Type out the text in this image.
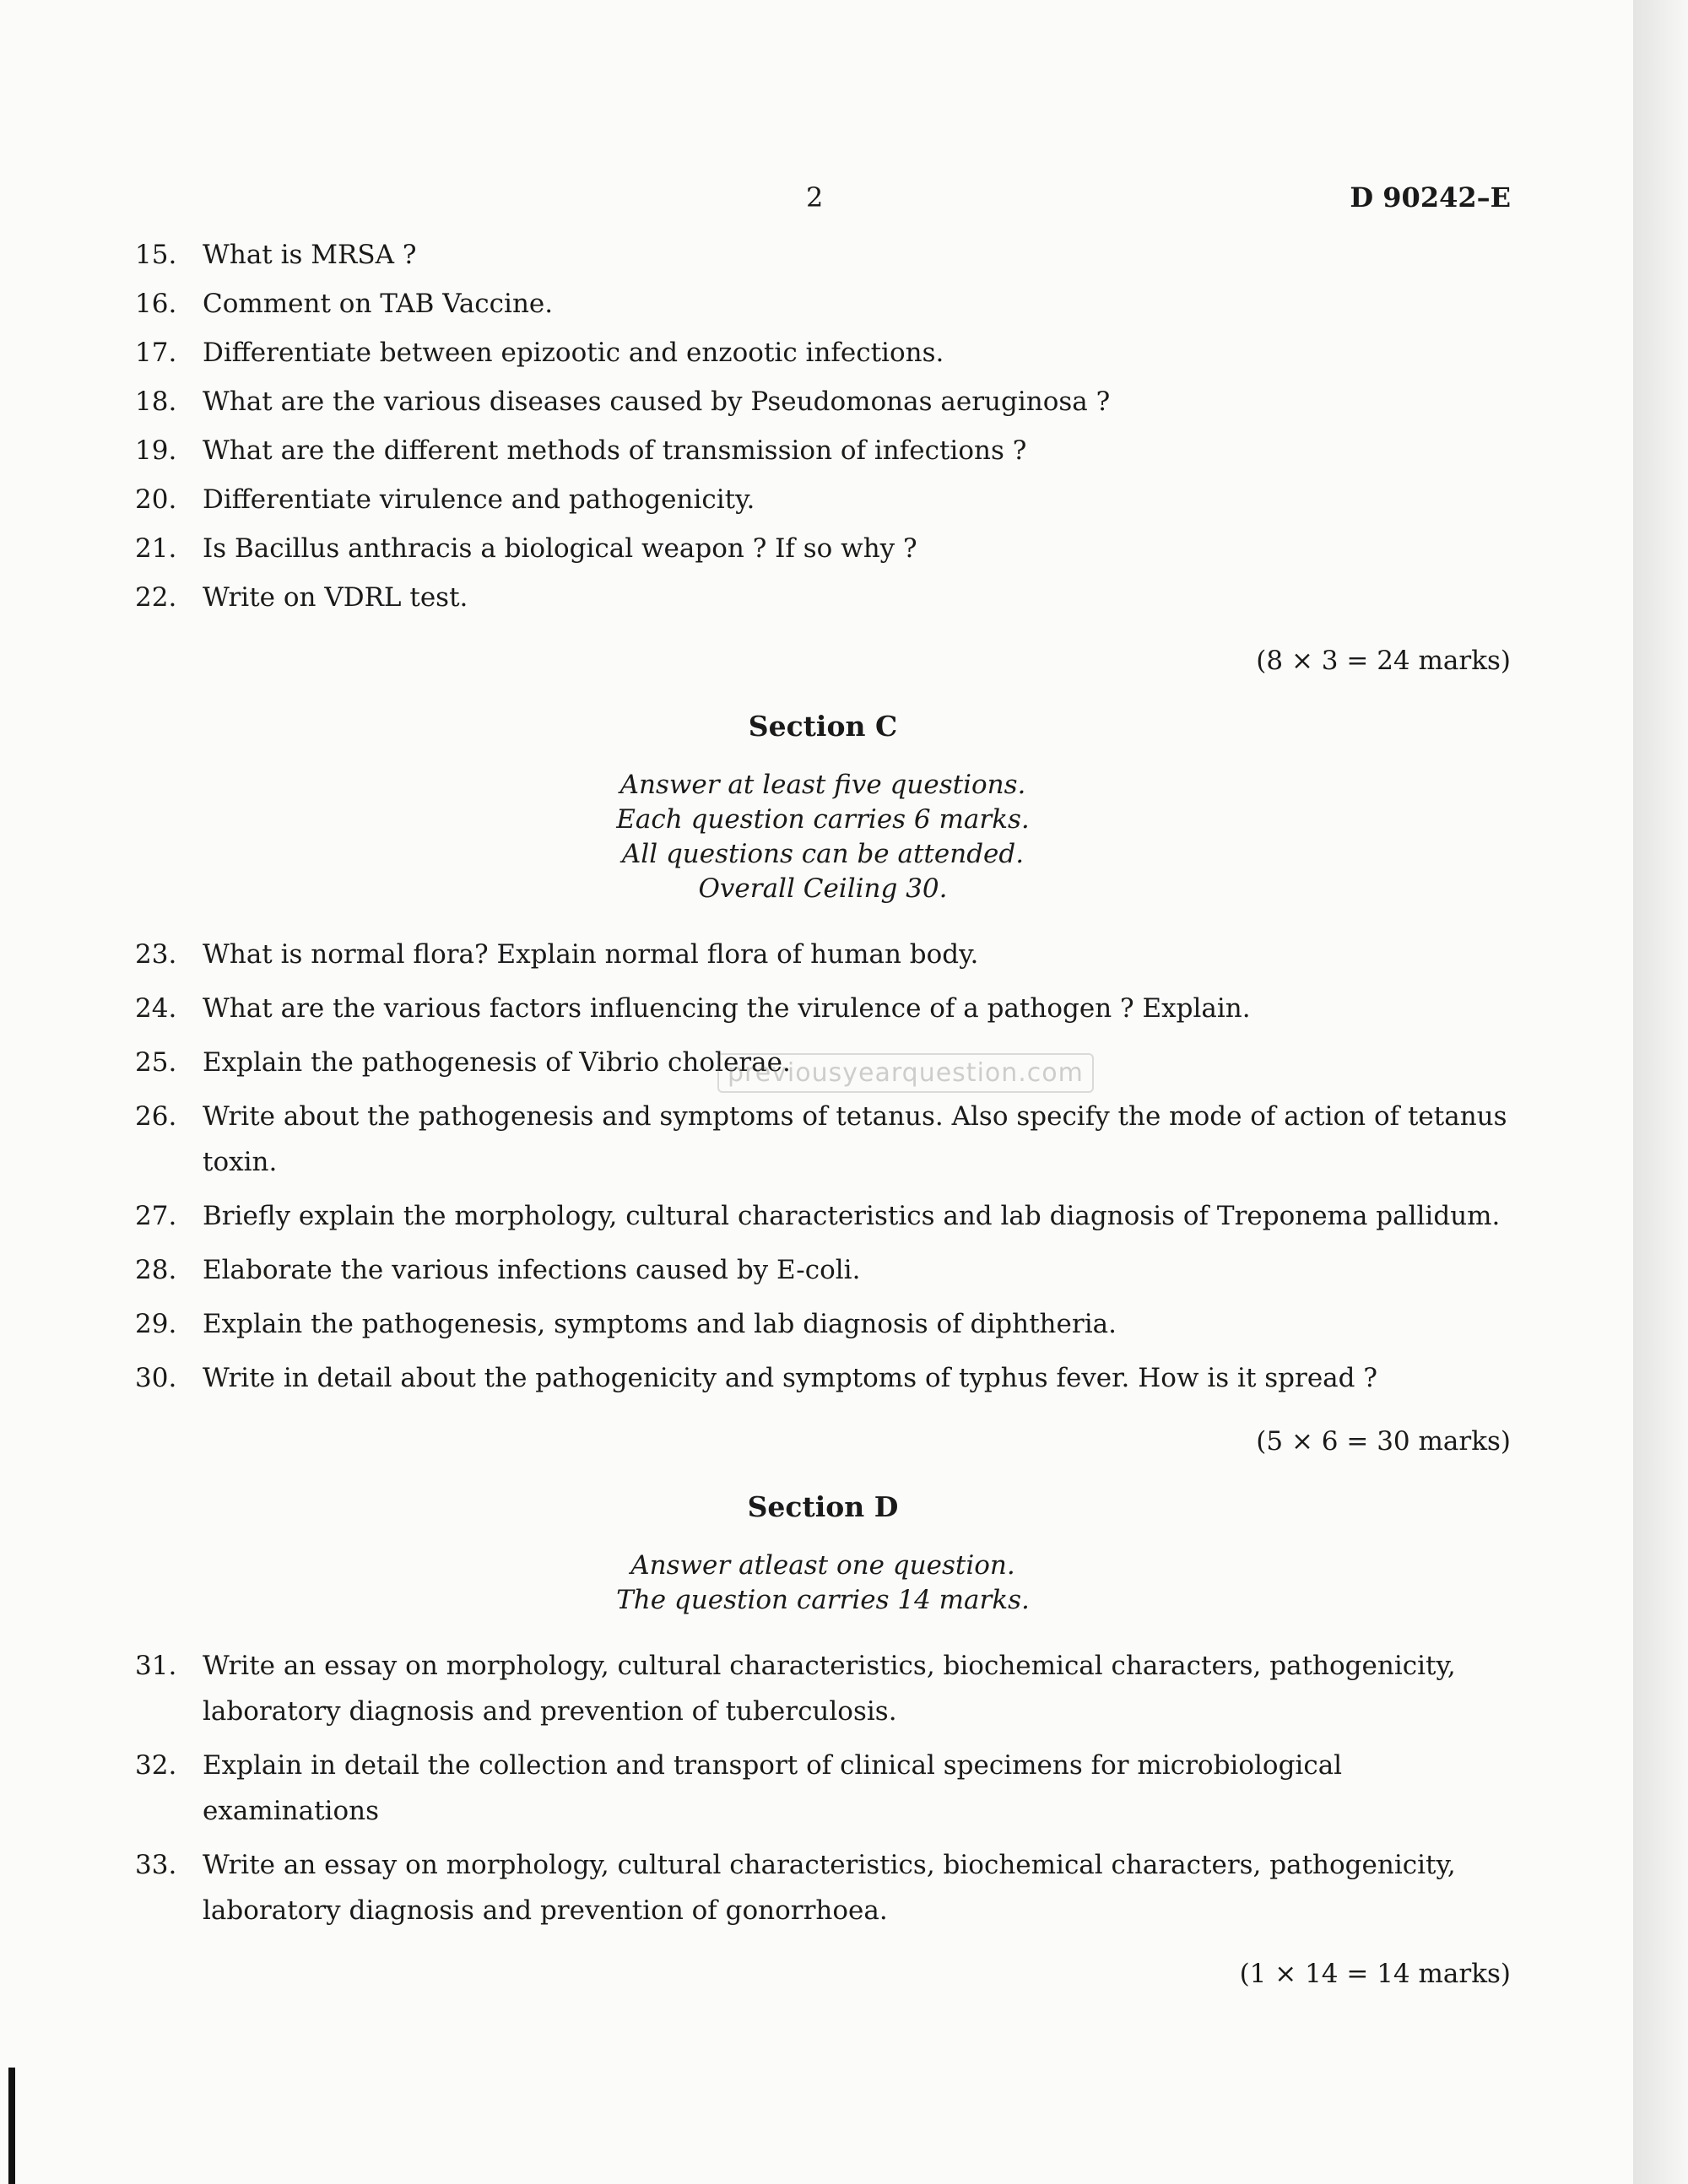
2	D 90242–E
15. What is MRSA ?
16. Comment on TAB Vaccine.
17. Differentiate between epizootic and enzootic infections.
18. What are the various diseases caused by Pseudomonas aeruginosa ?
19. What are the different methods of transmission of infections ?
20. Differentiate virulence and pathogenicity.
21. Is Bacillus anthracis a biological weapon ? If so why ?
22. Write on VDRL test.
(8 × 3 = 24 marks)
Section C
Answer at least five questions.
Each question carries 6 marks.
All questions can be attended.
Overall Ceiling 30.
23. What is normal flora? Explain normal flora of human body.
24. What are the various factors influencing the virulence of a pathogen ? Explain.
25. Explain the pathogenesis of Vibrio cholerae.
26. Write about the pathogenesis and symptoms of tetanus. Also specify the mode of action of tetanus toxin.
27. Briefly explain the morphology, cultural characteristics and lab diagnosis of Treponema pallidum.
28. Elaborate the various infections caused by E-coli.
29. Explain the pathogenesis, symptoms and lab diagnosis of diphtheria.
30. Write in detail about the pathogenicity and symptoms of typhus fever. How is it spread ?
(5 × 6 = 30 marks)
Section D
Answer atleast one question.
The question carries 14 marks.
31. Write an essay on morphology, cultural characteristics, biochemical characters, pathogenicity, laboratory diagnosis and prevention of tuberculosis.
32. Explain in detail the collection and transport of clinical specimens for microbiological examinations
33. Write an essay on morphology, cultural characteristics, biochemical characters, pathogenicity, laboratory diagnosis and prevention of gonorrhoea.
(1 × 14 = 14 marks)
previousyearquestion.com
